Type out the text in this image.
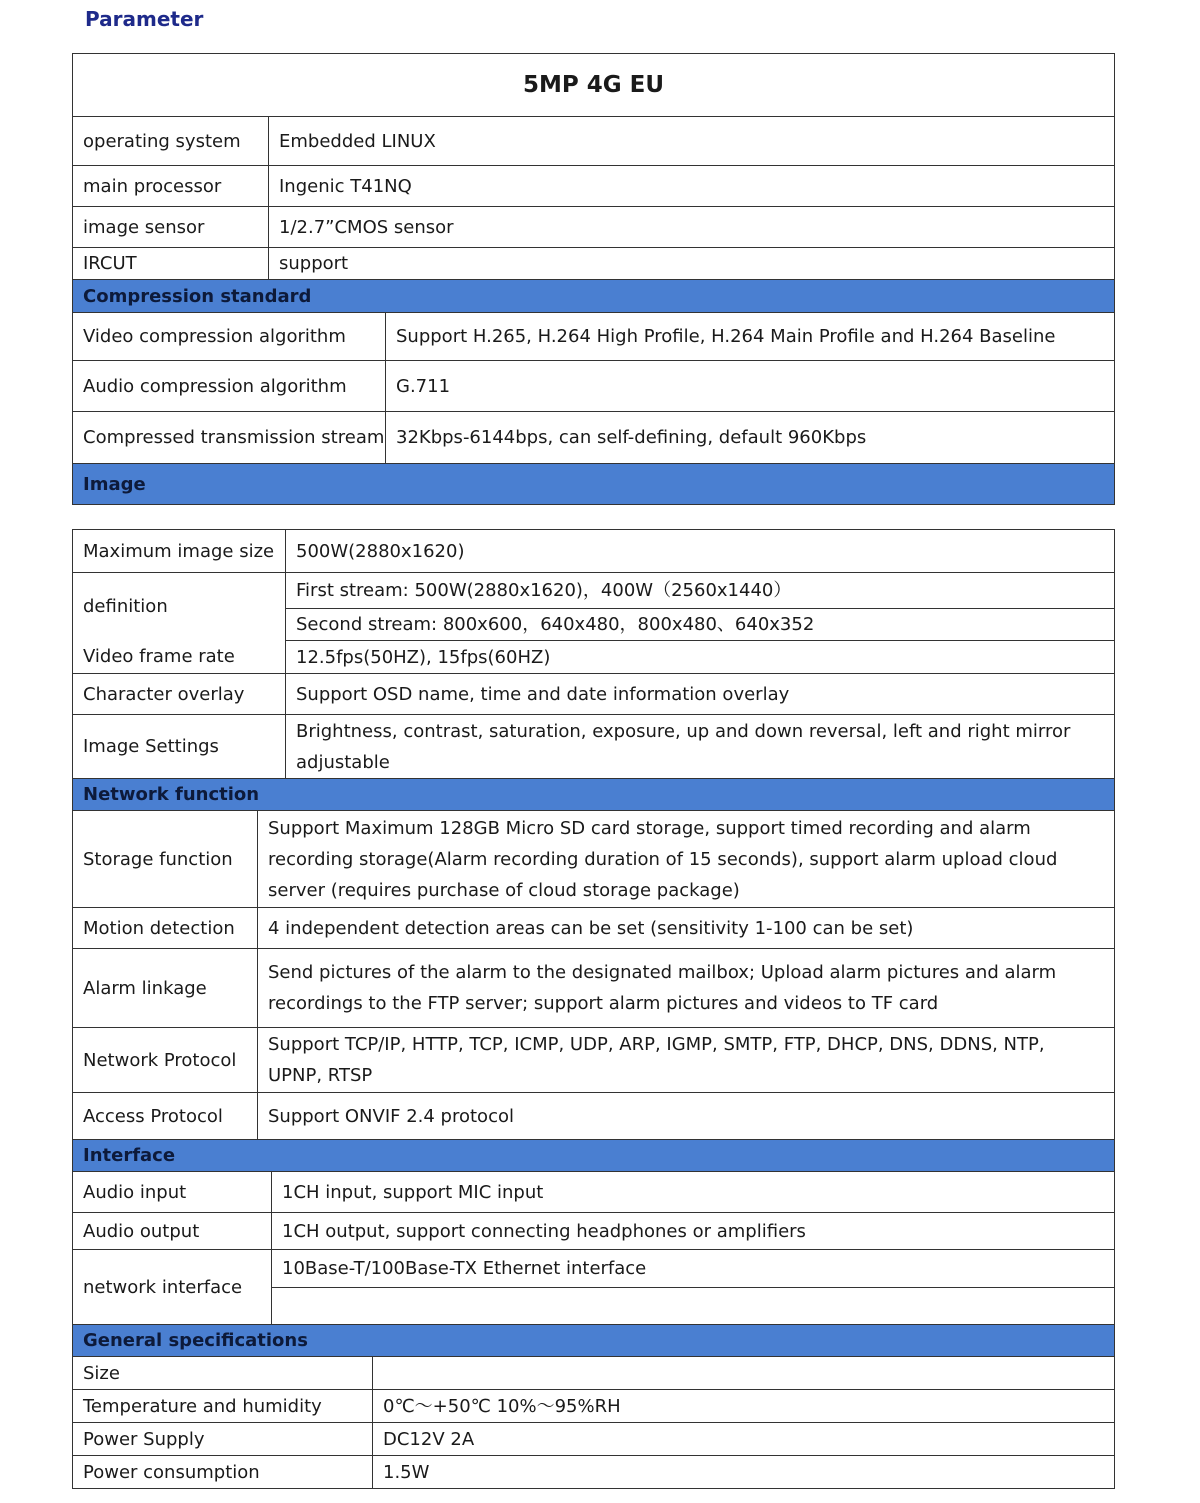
Parameter
5MP 4G EU		
operating system	Embedded LINUX	
main processor	Ingenic T41NQ	
image sensor	1/2.7”CMOS sensor	
IRCUT	support	
Compression standard		
Video compression algorithm		Support H.265, H.264 High Profile, H.264 Main Profile and H.264 Baseline
Audio compression algorithm		G.711
Compressed transmission stream		32Kbps-6144bps, can self-defining, default 960Kbps
Image		
Maximum image size			500W(2880x1620)	
definition			First stream: 500W(2880x1620)，400W（2560x1440）	
			Second stream: 800x600，640x480，800x480、640x352	
Video frame rate			12.5fps(50HZ), 15fps(60HZ)	
Character overlay			Support OSD name, time and date information overlay	
Image Settings			Brightness, contrast, saturation, exposure, up and down reversal, left and right mirror adjustable	
Network function				
Storage function	Support Maximum 128GB Micro SD card storage, support timed recording and alarm recording storage(Alarm recording duration of 15 seconds), support alarm upload cloud server (requires purchase of cloud storage package)			
Motion detection	4 independent detection areas can be set (sensitivity 1-100 can be set)			
Alarm linkage	Send pictures of the alarm to the designated mailbox; Upload alarm pictures and alarm recordings to the FTP server; support alarm pictures and videos to TF card			
Network Protocol	Support TCP/IP, HTTP, TCP, ICMP, UDP, ARP, IGMP, SMTP, FTP, DHCP, DNS, DDNS, NTP, UPNP, RTSP			
Access Protocol	Support ONVIF 2.4 protocol			
Interface				
Audio input		1CH input, support MIC input		
Audio output		1CH output, support connecting headphones or amplifiers		
network interface		10Base-T/100Base-TX Ethernet interface		

General specifications				
Size				
Temperature and humidity				0℃～+50℃ 10%～95%RH
Power Supply				DC12V 2A
Power consumption				1.5W
